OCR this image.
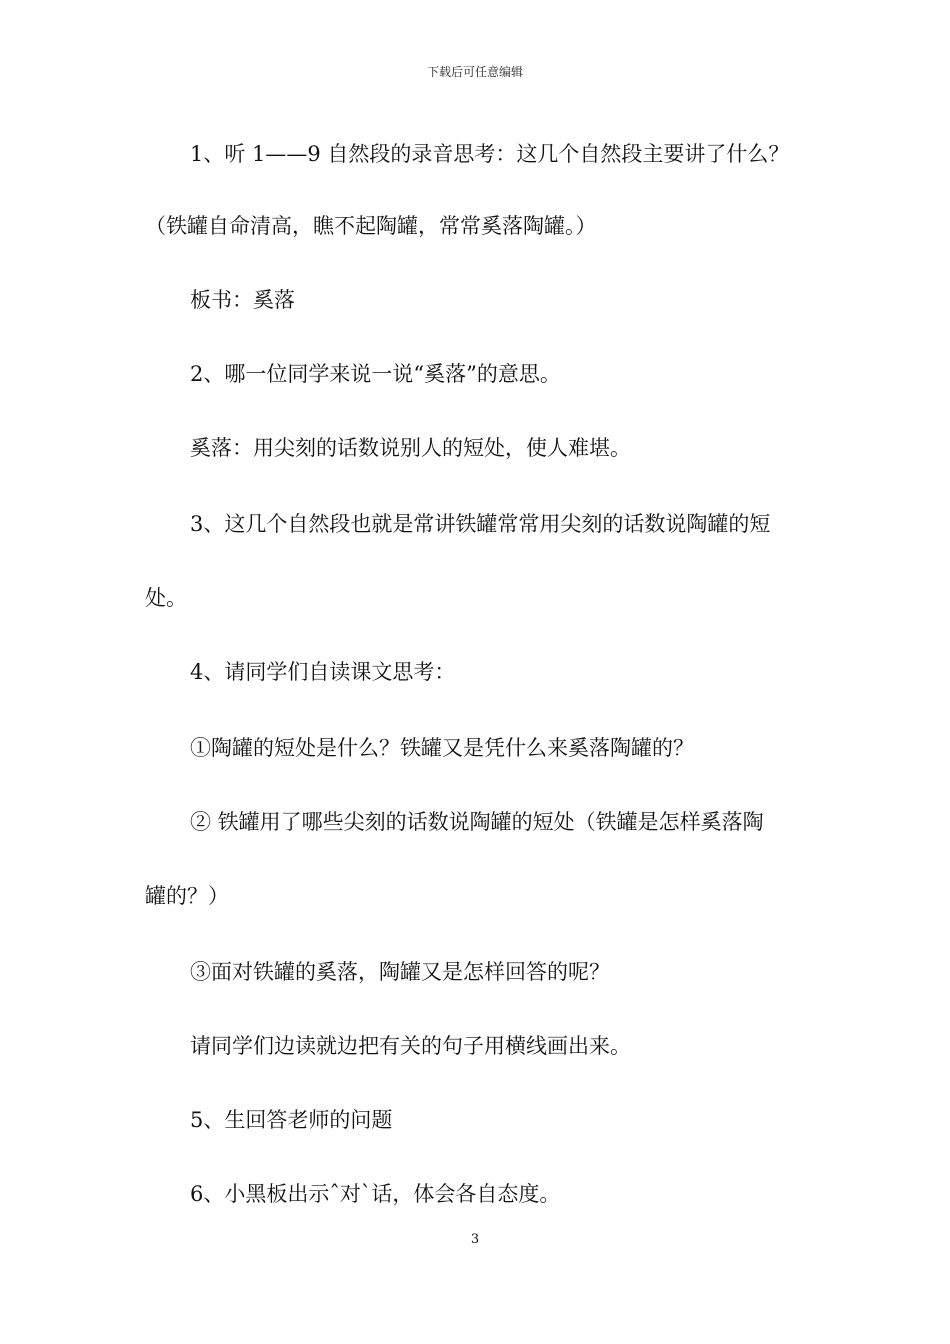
下载后可任意编辑
1、听 1——9 自然段的录音思考：这几个自然段主要讲了什么？
（铁罐自命清高，瞧不起陶罐，常常奚落陶罐。）
板书：奚落
2、哪一位同学来说一说“奚落”的意思。
奚落：用尖刻的话数说别人的短处，使人难堪。
3、这几个自然段也就是常讲铁罐常常用尖刻的话数说陶罐的短
处。
4、请同学们自读课文思考：
①陶罐的短处是什么？铁罐又是凭什么来奚落陶罐的？
② 铁罐用了哪些尖刻的话数说陶罐的短处（铁罐是怎样奚落陶
罐的？）
③面对铁罐的奚落，陶罐又是怎样回答的呢？
请同学们边读就边把有关的句子用横线画出来。
5、生回答老师的问题
6、小黑板出示ˆ对ˋ话，体会各自态度。
3
